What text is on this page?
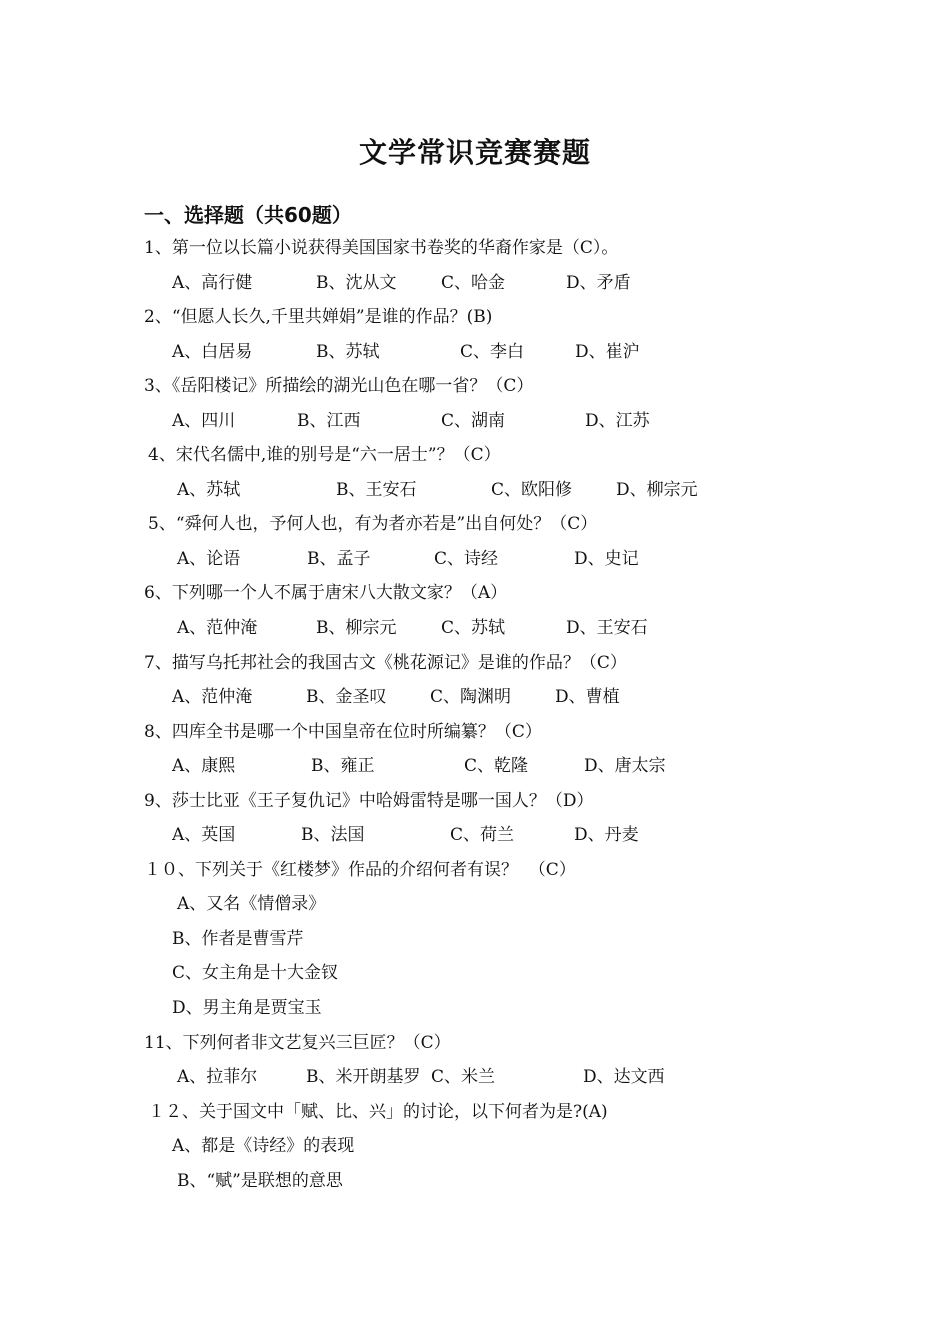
文学常识竞赛赛题
一、选择题（共60题）
1、第一位以长篇小说获得美国国家书卷奖的华裔作家是（C）。
A、高行健	B、沈从文	C、哈金	D、矛盾
2、“但愿人长久,千里共婵娟”是谁的作品？(B)
A、白居易	B、苏轼	C、李白	D、崔沪
3、《岳阳楼记》所描绘的湖光山色在哪一省？（C）
A、四川	B、江西	C、湖南	D、江苏
4、宋代名儒中,谁的别号是“六一居士”？（C）
A、苏轼	B、王安石	C、欧阳修	D、柳宗元
5、“舜何人也，予何人也，有为者亦若是”出自何处？（C）
A、论语	B、孟子	C、诗经	D、史记
6、下列哪一个人不属于唐宋八大散文家？（A）
A、范仲淹	B、柳宗元	C、苏轼	D、王安石
7、描写乌托邦社会的我国古文《桃花源记》是谁的作品？（C）
A、范仲淹	B、金圣叹	C、陶渊明	D、曹植
8、四库全书是哪一个中国皇帝在位时所编纂？（C）
A、康熙	B、雍正	C、乾隆	D、唐太宗
9、莎士比亚《王子复仇记》中哈姆雷特是哪一国人？（D）
A、英国	B、法国	C、荷兰	D、丹麦
１０、下列关于《红楼梦》作品的介绍何者有误？  （C）
A、又名《情僧录》
B、作者是曹雪芹
C、女主角是十大金钗
D、男主角是贾宝玉
11、下列何者非文艺复兴三巨匠？（C）
A、拉菲尔	B、米开朗基罗 C、米兰	D、达文西
１２、关于国文中「赋、比、兴」的讨论，以下何者为是?(A)
A、都是《诗经》的表现
B、“赋”是联想的意思
